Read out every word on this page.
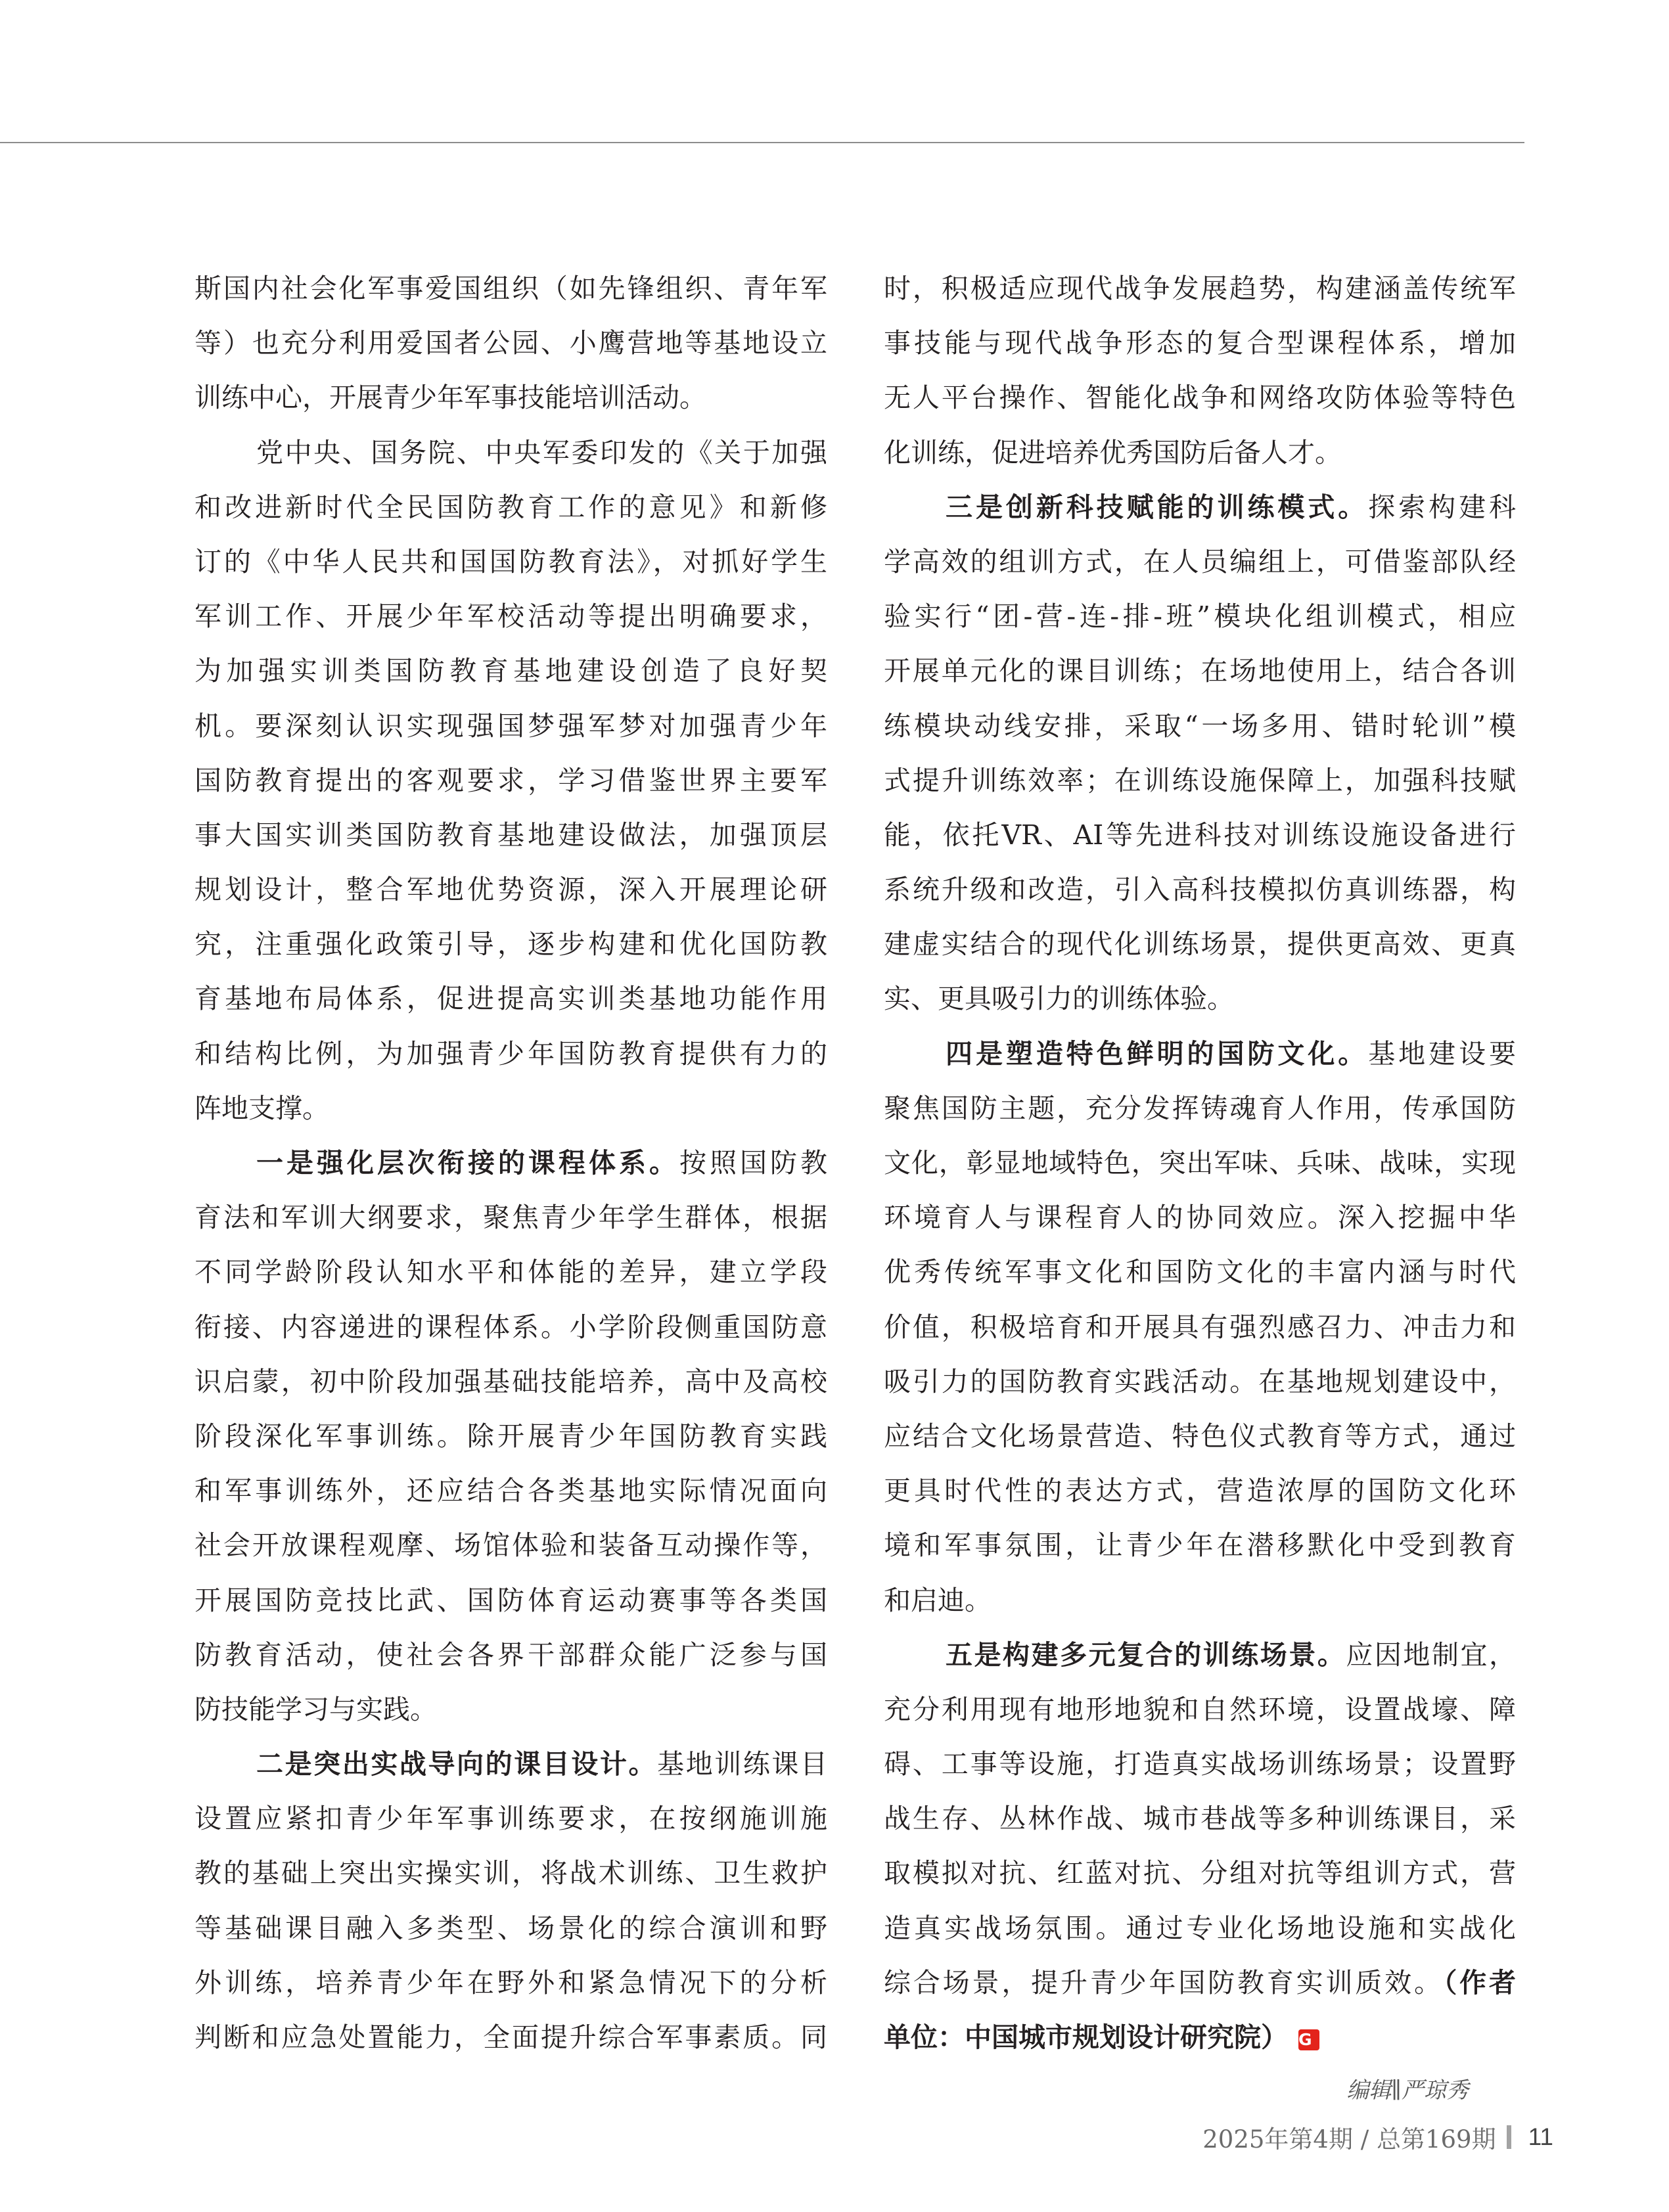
斯国内社会化军事爱国组织（如先锋组织、青年军
等）也充分利用爱国者公园、小鹰营地等基地设立
训练中心，开展青少年军事技能培训活动。
党中央、国务院、中央军委印发的《关于加强
和改进新时代全民国防教育工作的意见》和新修
订的《中华人民共和国国防教育法》，对抓好学生
军训工作、开展少年军校活动等提出明确要求，
为加强实训类国防教育基地建设创造了良好契
机。要深刻认识实现强国梦强军梦对加强青少年
国防教育提出的客观要求，学习借鉴世界主要军
事大国实训类国防教育基地建设做法，加强顶层
规划设计，整合军地优势资源，深入开展理论研
究，注重强化政策引导，逐步构建和优化国防教
育基地布局体系，促进提高实训类基地功能作用
和结构比例，为加强青少年国防教育提供有力的
阵地支撑。
一是强化层次衔接的课程体系。按照国防教
育法和军训大纲要求，聚焦青少年学生群体，根据
不同学龄阶段认知水平和体能的差异，建立学段
衔接、内容递进的课程体系。小学阶段侧重国防意
识启蒙，初中阶段加强基础技能培养，高中及高校
阶段深化军事训练。除开展青少年国防教育实践
和军事训练外，还应结合各类基地实际情况面向
社会开放课程观摩、场馆体验和装备互动操作等，
开展国防竞技比武、国防体育运动赛事等各类国
防教育活动，使社会各界干部群众能广泛参与国
防技能学习与实践。
二是突出实战导向的课目设计。基地训练课目
设置应紧扣青少年军事训练要求，在按纲施训施
教的基础上突出实操实训，将战术训练、卫生救护
等基础课目融入多类型、场景化的综合演训和野
外训练，培养青少年在野外和紧急情况下的分析
判断和应急处置能力，全面提升综合军事素质。同
时，积极适应现代战争发展趋势，构建涵盖传统军
事技能与现代战争形态的复合型课程体系，增加
无人平台操作、智能化战争和网络攻防体验等特色
化训练，促进培养优秀国防后备人才。
三是创新科技赋能的训练模式。探索构建科
学高效的组训方式，在人员编组上，可借鉴部队经
验实行“团-营-连-排-班”模块化组训模式，相应
开展单元化的课目训练；在场地使用上，结合各训
练模块动线安排，采取“一场多用、错时轮训”模
式提升训练效率；在训练设施保障上，加强科技赋
能，依托VR、AI等先进科技对训练设施设备进行
系统升级和改造，引入高科技模拟仿真训练器，构
建虚实结合的现代化训练场景，提供更高效、更真
实、更具吸引力的训练体验。
四是塑造特色鲜明的国防文化。基地建设要
聚焦国防主题，充分发挥铸魂育人作用，传承国防
文化，彰显地域特色，突出军味、兵味、战味，实现
环境育人与课程育人的协同效应。深入挖掘中华
优秀传统军事文化和国防文化的丰富内涵与时代
价值，积极培育和开展具有强烈感召力、冲击力和
吸引力的国防教育实践活动。在基地规划建设中，
应结合文化场景营造、特色仪式教育等方式，通过
更具时代性的表达方式，营造浓厚的国防文化环
境和军事氛围，让青少年在潜移默化中受到教育
和启迪。
五是构建多元复合的训练场景。应因地制宜，
充分利用现有地形地貌和自然环境，设置战壕、障
碍、工事等设施，打造真实战场训练场景；设置野
战生存、丛林作战、城市巷战等多种训练课目，采
取模拟对抗、红蓝对抗、分组对抗等组训方式，营
造真实战场氛围。通过专业化场地设施和实战化
综合场景，提升青少年国防教育实训质效。（作者
单位：中国城市规划设计研究院） G
编辑∥严琼秀
2025年第4期 / 总第169期 11
